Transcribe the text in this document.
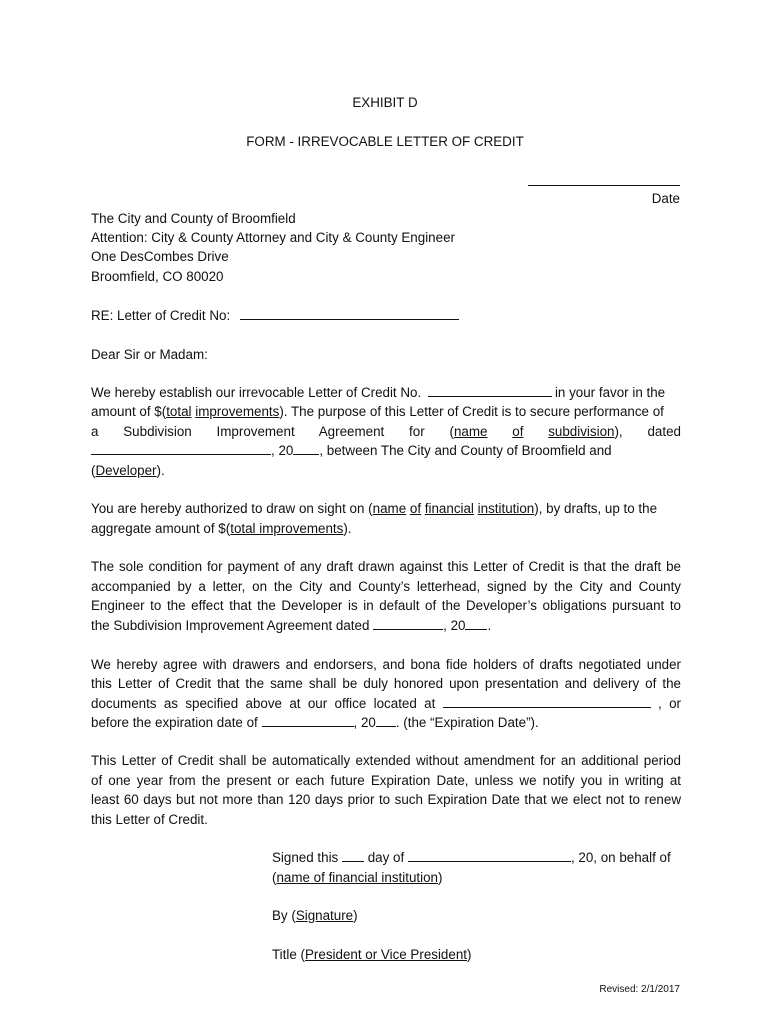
EXHIBIT D
FORM - IRREVOCABLE LETTER OF CREDIT
Date
The City and County of Broomfield
Attention: City & County Attorney and City & County Engineer
One DesCombes Drive
Broomfield, CO 80020
RE: Letter of Credit No:
Dear Sir or Madam:
We hereby establish our irrevocable Letter of Credit No.	in your favor in the
amount of $(total improvements). The purpose of this Letter of Credit is to secure performance of
a Subdivision Improvement Agreement for (name of subdivision), dated
, 20 , between The City and County of Broomfield and
(Developer).
You are hereby authorized to draw on sight on (name of financial institution), by drafts, up to the
aggregate amount of $(total improvements).
The sole condition for payment of any draft drawn against this Letter of Credit is that the draft be
accompanied by a letter, on the City and County’s letterhead, signed by the City and County
Engineer to the effect that the Developer is in default of the Developer’s obligations pursuant to
the Subdivision Improvement Agreement dated	, 20 .
We hereby agree with drawers and endorsers, and bona fide holders of drafts negotiated under
this Letter of Credit that the same shall be duly honored upon presentation and delivery of the
documents as specified above at our office located at	, or
before the expiration date of	, 20 . (the “Expiration Date”).
This Letter of Credit shall be automatically extended without amendment for an additional period
of one year from the present or each future Expiration Date, unless we notify you in writing at
least 60 days but not more than 120 days prior to such Expiration Date that we elect not to renew
this Letter of Credit.
Signed this day of	, 20, on behalf of
(name of financial institution)
By (Signature)
Title (President or Vice President)
Revised: 2/1/2017
